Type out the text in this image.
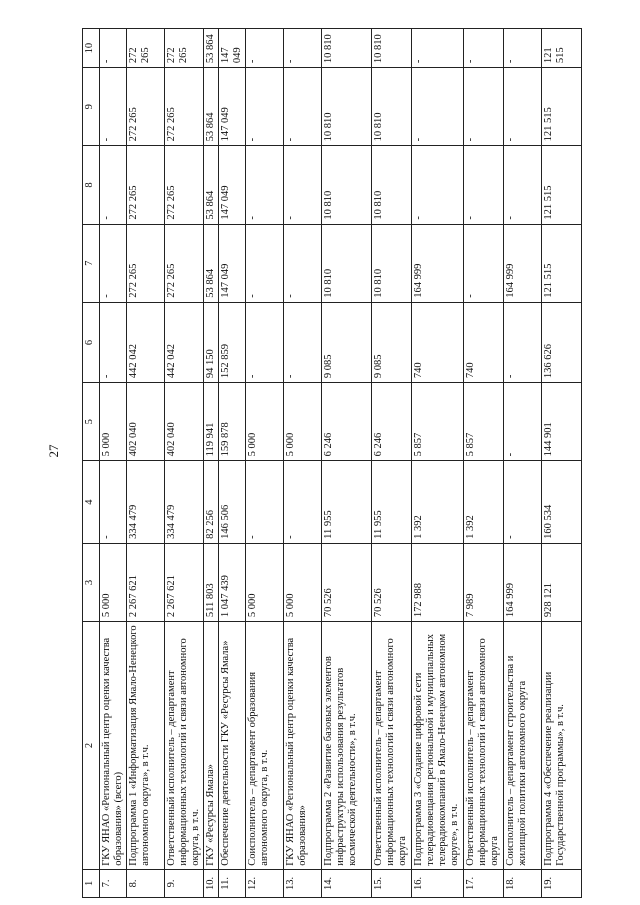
27
1	2	3	4	5	6	7	8	9	10
7.	ГКУ ЯНАО «Региональный центр оценки качества образования» (всего)	5 000	-	5 000	-	-	-	-	-
8.	Подпрограмма 1 «Информатизация Ямало-Ненецкого автономного округа», в т.ч.	2 267 621	334 479	402 040	442 042	272 265	272 265	272 265	272 265
9.	Ответственный исполнитель – департамент информационных технологий и связи автономного округа, в т.ч.	2 267 621	334 479	402 040	442 042	272 265	272 265	272 265	272 265
10.	ГКУ «Ресурсы Ямала»	511 803	82 256	119 941	94 150	53 864	53 864	53 864	53 864
11.	Обеспечение деятельности ГКУ «Ресурсы Ямала»	1 047 439	146 506	159 878	152 859	147 049	147 049	147 049	147 049
12.	Соисполнитель – департамент образования автономного округа, в т.ч.	5 000	-	5 000	-	-	-	-	-
13.	ГКУ ЯНАО «Региональный центр оценки качества образования»	5 000	-	5 000	-	-	-	-	-
14.	Подпрограмма 2 «Развитие базовых элементов инфраструктуры использования результатов космической деятельности», в т.ч.	70 526	11 955	6 246	9 085	10 810	10 810	10 810	10 810
15.	Ответственный исполнитель – департамент информационных технологий и связи автономного округа	70 526	11 955	6 246	9 085	10 810	10 810	10 810	10 810
16.	Подпрограмма 3 «Создание цифровой сети телерадиовещания региональной и муниципальных телерадиокомпаний в Ямало-Ненецком автономном округе», в т.ч.	172 988	1 392	5 857	740	164 999	-	-	-
17.	Ответственный исполнитель – департамент информационных технологий и связи автономного округа	7 989	1 392	5 857	740	-	-	-	-
18.	Соисполнитель – департамент строительства и жилищной политики автономного округа	164 999	-	-	-	164 999	-	-	-
19.	Подпрограмма 4 «Обеспечение реализации Государственной программы», в т.ч.	928 121	160 534	144 901	136 626	121 515	121 515	121 515	121 515
